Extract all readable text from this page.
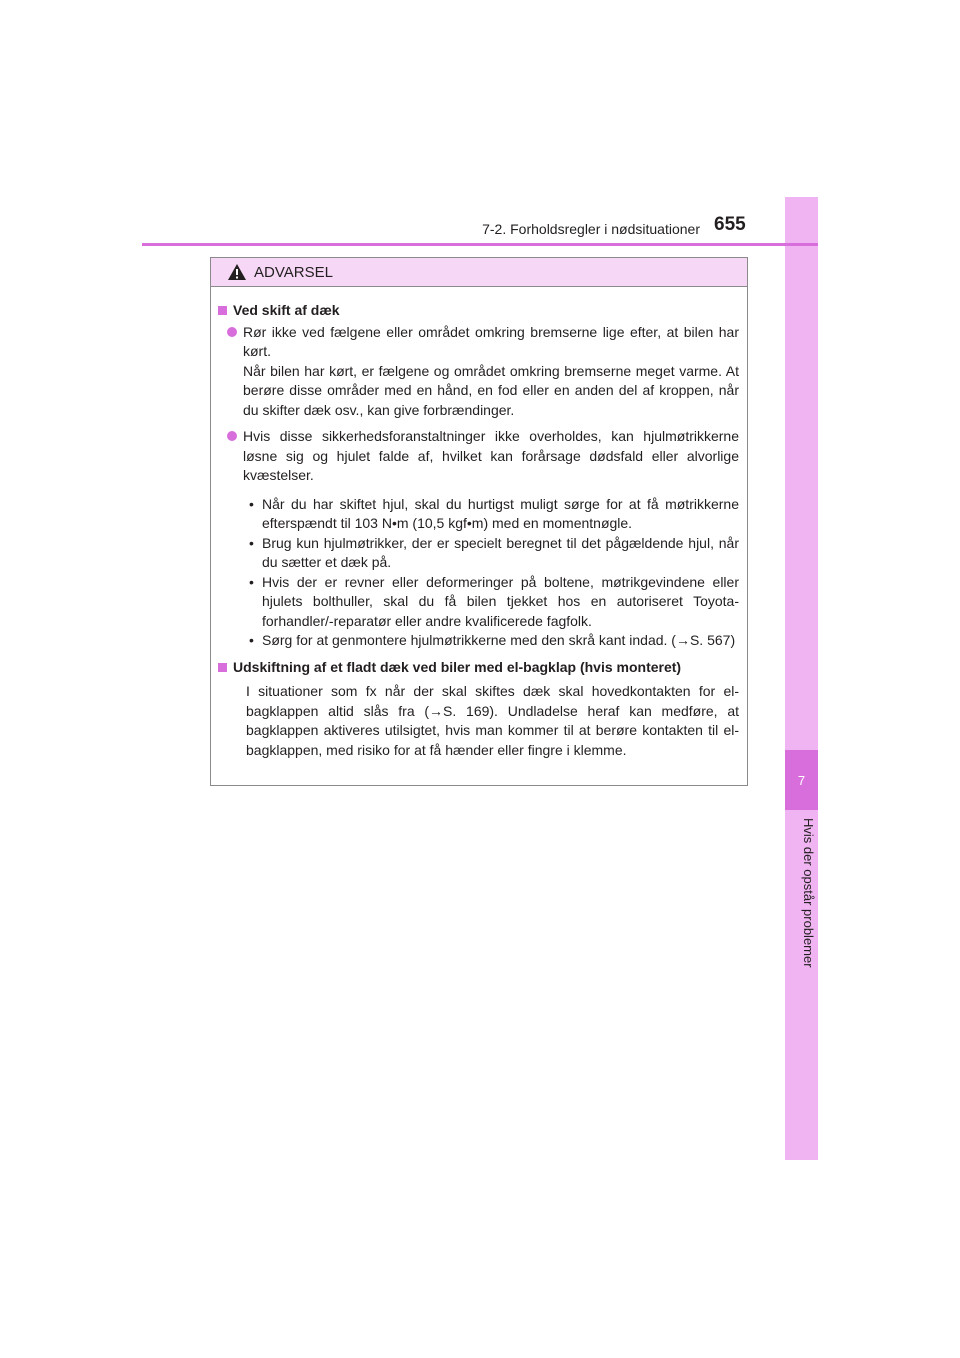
7
Hvis der opstår problemer
7-2. Forholdsregler i nødsituationer 655
ADVARSEL
Ved skift af dæk

Rør ikke ved fælgene eller området omkring bremserne lige efter, at bilen har kørt.

Når bilen har kørt, er fælgene og området omkring bremserne meget varme. At berøre disse områder med en hånd, en fod eller en anden del af kroppen, når du skifter dæk osv., kan give forbrændinger.

Hvis disse sikkerhedsforanstaltninger ikke overholdes, kan hjulmøtrikkerne løsne sig og hjulet falde af, hvilket kan forårsage dødsfald eller alvorlige kvæstelser.

• Når du har skiftet hjul, skal du hurtigst muligt sørge for at få møtrikkerne efterspændt til 103 N•m (10,5 kgf•m) med en momentnøgle.
• Brug kun hjulmøtrikker, der er specielt beregnet til det pågældende hjul, når du sætter et dæk på.
• Hvis der er revner eller deformeringer på boltene, møtrikgevindene eller hjulets bolthuller, skal du få bilen tjekket hos en autoriseret Toyota-forhandler/-reparatør eller andre kvalificerede fagfolk.
• Sørg for at genmontere hjulmøtrikkerne med den skrå kant indad. (→S. 567)
Udskiftning af et fladt dæk ved biler med el-bagklap (hvis monteret)

I situationer som fx når der skal skiftes dæk skal hovedkontakten for el-bagklappen altid slås fra (→S. 169). Undladelse heraf kan medføre, at bagklappen aktiveres utilsigtet, hvis man kommer til at berøre kontakten til el-bagklappen, med risiko for at få hænder eller fingre i klemme.
